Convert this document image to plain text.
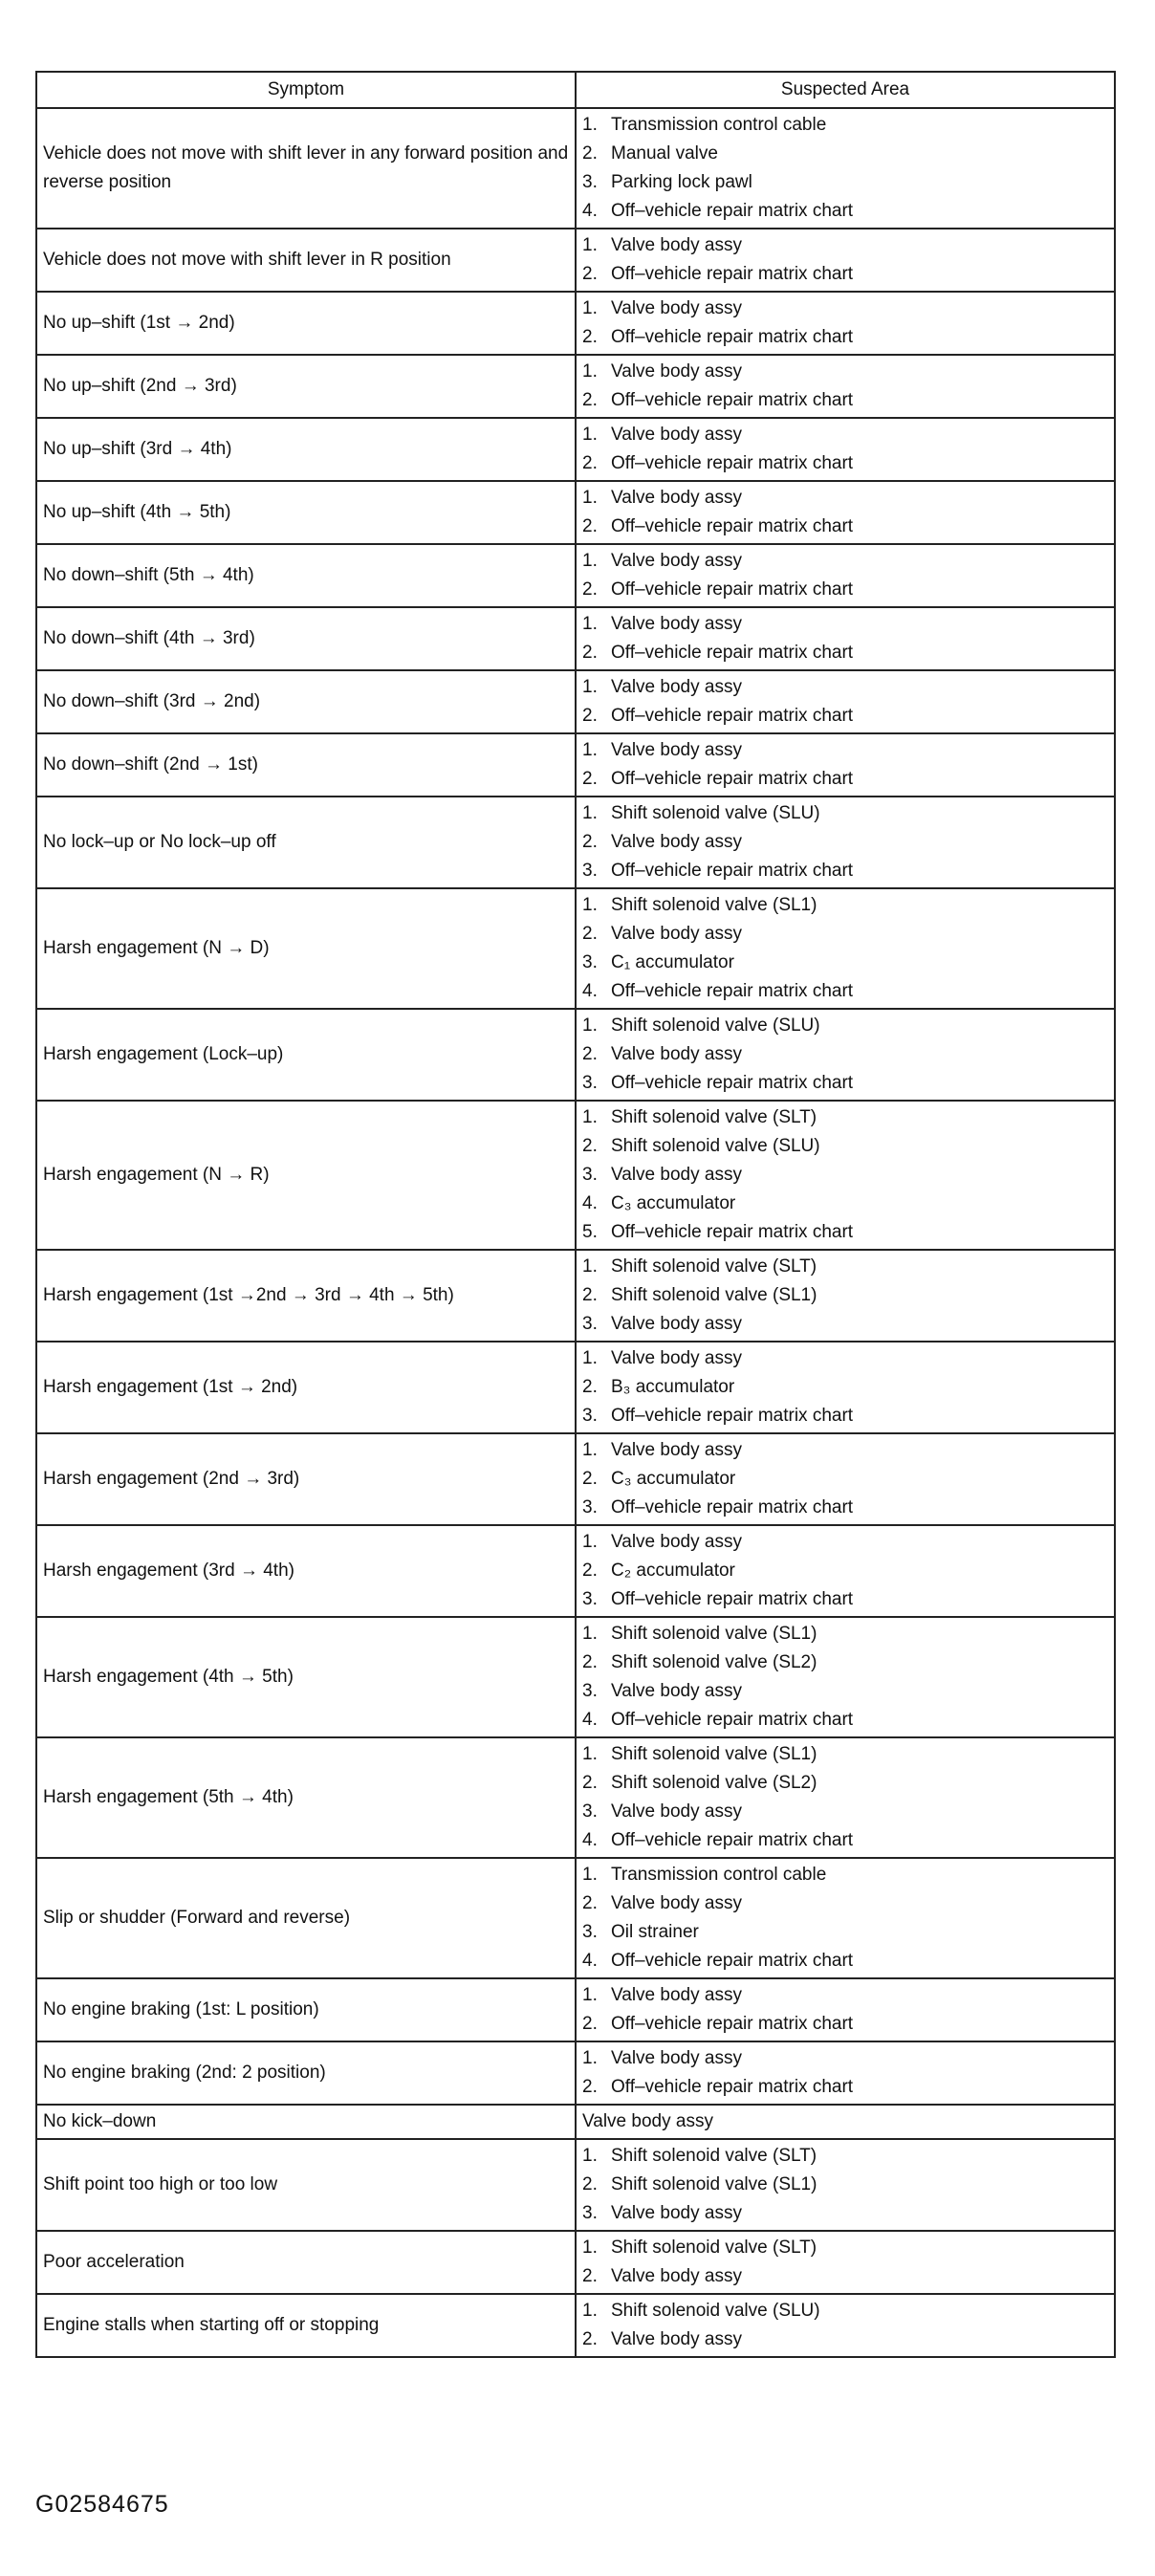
Symptom	Suspected Area
Vehicle does not move with shift lever in any forward position and reverse position	1. Transmission control cable
2. Manual valve
3. Parking lock pawl
4. Off–vehicle repair matrix chart

Vehicle does not move with shift lever in R position	1. Valve body assy
2. Off–vehicle repair matrix chart

No up–shift (1st → 2nd)	1. Valve body assy
2. Off–vehicle repair matrix chart

No up–shift (2nd → 3rd)	1. Valve body assy
2. Off–vehicle repair matrix chart

No up–shift (3rd → 4th)	1. Valve body assy
2. Off–vehicle repair matrix chart

No up–shift (4th → 5th)	1. Valve body assy
2. Off–vehicle repair matrix chart

No down–shift (5th → 4th)	1. Valve body assy
2. Off–vehicle repair matrix chart

No down–shift (4th → 3rd)	1. Valve body assy
2. Off–vehicle repair matrix chart

No down–shift (3rd → 2nd)	1. Valve body assy
2. Off–vehicle repair matrix chart

No down–shift (2nd → 1st)	1. Valve body assy
2. Off–vehicle repair matrix chart

No lock–up or No lock–up off	1. Shift solenoid valve (SLU)
2. Valve body assy
3. Off–vehicle repair matrix chart

Harsh engagement (N → D)	1. Shift solenoid valve (SL1)
2. Valve body assy
3. C₁ accumulator
4. Off–vehicle repair matrix chart

Harsh engagement (Lock–up)	1. Shift solenoid valve (SLU)
2. Valve body assy
3. Off–vehicle repair matrix chart

Harsh engagement (N → R)	1. Shift solenoid valve (SLT)
2. Shift solenoid valve (SLU)
3. Valve body assy
4. C₃ accumulator
5. Off–vehicle repair matrix chart

Harsh engagement (1st →2nd → 3rd → 4th → 5th)	1. Shift solenoid valve (SLT)
2. Shift solenoid valve (SL1)
3. Valve body assy

Harsh engagement (1st → 2nd)	1. Valve body assy
2. B₃ accumulator
3. Off–vehicle repair matrix chart

Harsh engagement (2nd → 3rd)	1. Valve body assy
2. C₃ accumulator
3. Off–vehicle repair matrix chart

Harsh engagement (3rd → 4th)	1. Valve body assy
2. C₂ accumulator
3. Off–vehicle repair matrix chart

Harsh engagement (4th → 5th)	1. Shift solenoid valve (SL1)
2. Shift solenoid valve (SL2)
3. Valve body assy
4. Off–vehicle repair matrix chart

Harsh engagement (5th → 4th)	1. Shift solenoid valve (SL1)
2. Shift solenoid valve (SL2)
3. Valve body assy
4. Off–vehicle repair matrix chart

Slip or shudder (Forward and reverse)	1. Transmission control cable
2. Valve body assy
3. Oil strainer
4. Off–vehicle repair matrix chart

No engine braking (1st: L position)	1. Valve body assy
2. Off–vehicle repair matrix chart

No engine braking (2nd: 2 position)	1. Valve body assy
2. Off–vehicle repair matrix chart

No kick–down	Valve body assy
Shift point too high or too low	1. Shift solenoid valve (SLT)
2. Shift solenoid valve (SL1)
3. Valve body assy

Poor acceleration	1. Shift solenoid valve (SLT)
2. Valve body assy

Engine stalls when starting off or stopping	1. Shift solenoid valve (SLU)
2. Valve body assy
G02584675
